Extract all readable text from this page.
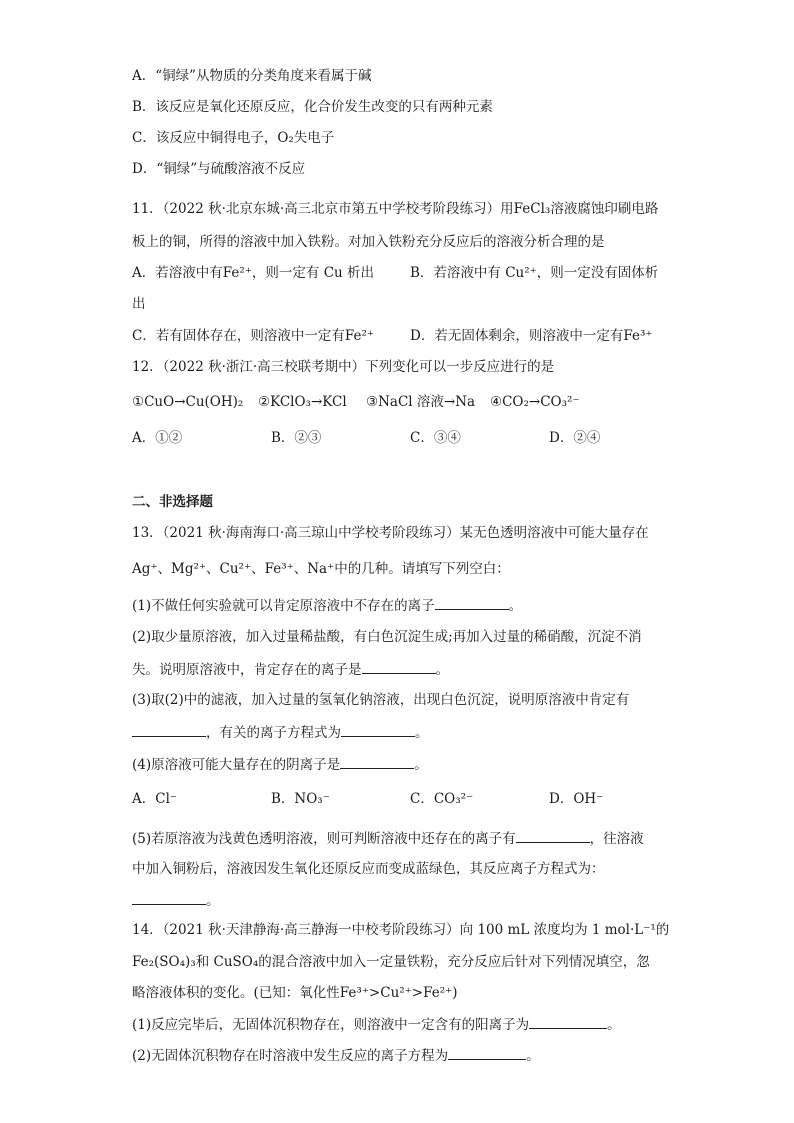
A．“铜绿”从物质的分类角度来看属于碱
B．该反应是氧化还原反应，化合价发生改变的只有两种元素
C．该反应中铜得电子，O₂失电子
D．“铜绿”与硫酸溶液不反应
11．（2022 秋·北京东城·高三北京市第五中学校考阶段练习）用FeCl₃溶液腐蚀印刷电路
板上的铜，所得的溶液中加入铁粉。对加入铁粉充分反应后的溶液分析合理的是
A．若溶液中有Fe²⁺，则一定有 Cu 析出	B．若溶液中有 Cu²⁺，则一定没有固体析
出
C．若有固体存在，则溶液中一定有Fe²⁺	D．若无固体剩余，则溶液中一定有Fe³⁺
12．（2022 秋·浙江·高三校联考期中）下列变化可以一步反应进行的是
①CuO→Cu(OH)₂ ②KClO₃→KCl ③NaCl 溶液→Na ④CO₂→CO₃²⁻
A．①②	B．②③	C．③④	D．②④
二、非选择题
13．（2021 秋·海南海口·高三琼山中学校考阶段练习）某无色透明溶液中可能大量存在
Ag⁺、Mg²⁺、Cu²⁺、Fe³⁺、Na⁺中的几种。请填写下列空白：
(1)不做任何实验就可以肯定原溶液中不存在的离子	。
(2)取少量原溶液，加入过量稀盐酸，有白色沉淀生成;再加入过量的稀硝酸，沉淀不消
失。说明原溶液中，肯定存在的离子是	。
(3)取(2)中的滤液，加入过量的氢氧化钠溶液，出现白色沉淀，说明原溶液中肯定有
，有关的离子方程式为	。
(4)原溶液可能大量存在的阴离子是	。
A．Cl⁻	B．NO₃⁻	C．CO₃²⁻	D．OH⁻
(5)若原溶液为浅黄色透明溶液，则可判断溶液中还存在的离子有	，往溶液
中加入铜粉后，溶液因发生氧化还原反应而变成蓝绿色，其反应离子方程式为：
。
14．（2021 秋·天津静海·高三静海一中校考阶段练习）向 100 mL 浓度均为 1 mol·L⁻¹的
Fe₂(SO₄)₃和 CuSO₄的混合溶液中加入一定量铁粉，充分反应后针对下列情况填空，忽
略溶液体积的变化。(已知：氧化性Fe³⁺>Cu²⁺>Fe²⁺)
(1)反应完毕后，无固体沉积物存在，则溶液中一定含有的阳离子为	。
(2)无固体沉积物存在时溶液中发生反应的离子方程为	。
